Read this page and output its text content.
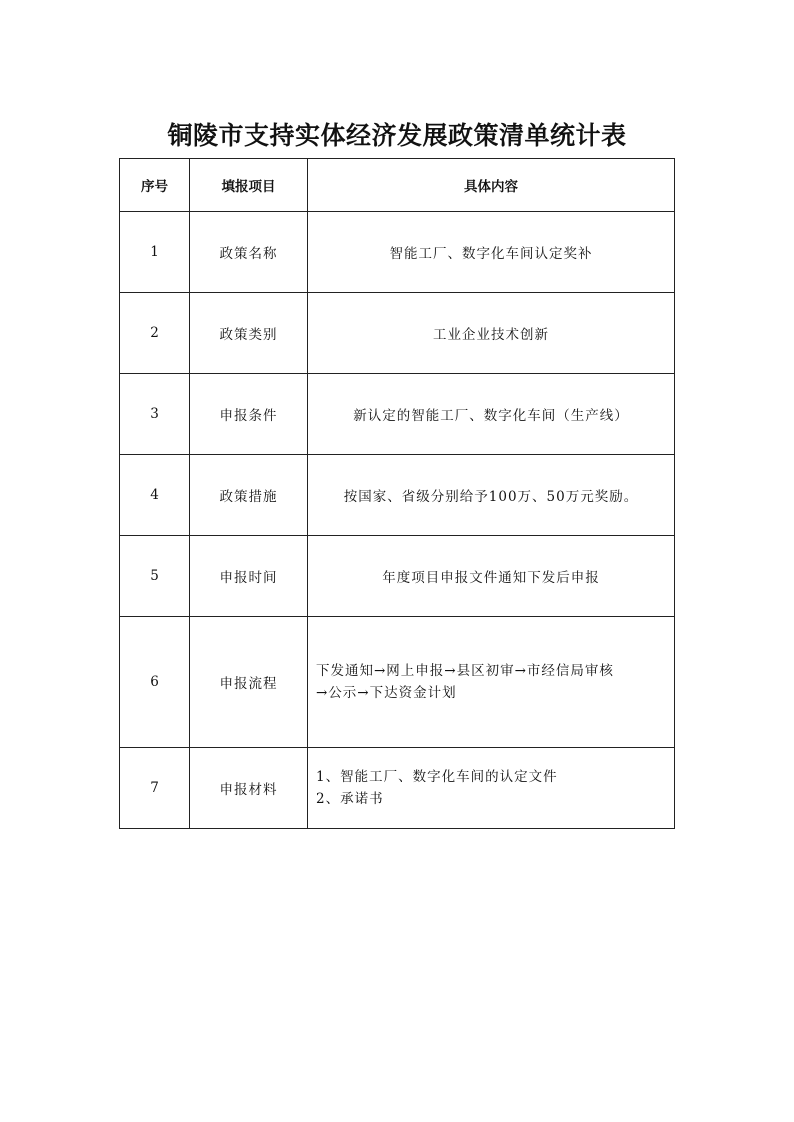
铜陵市支持实体经济发展政策清单统计表
序号	填报项目	具体内容
1	政策名称	智能工厂、数字化车间认定奖补
2	政策类别	工业企业技术创新
3	申报条件	新认定的智能工厂、数字化车间（生产线）
4	政策措施	按国家、省级分别给予100万、50万元奖励。
5	申报时间	年度项目申报文件通知下发后申报
6	申报流程	下发通知→网上申报→县区初审→市经信局审核
→公示→下达资金计划

7	申报材料	1、智能工厂、数字化车间的认定文件
2、承诺书
